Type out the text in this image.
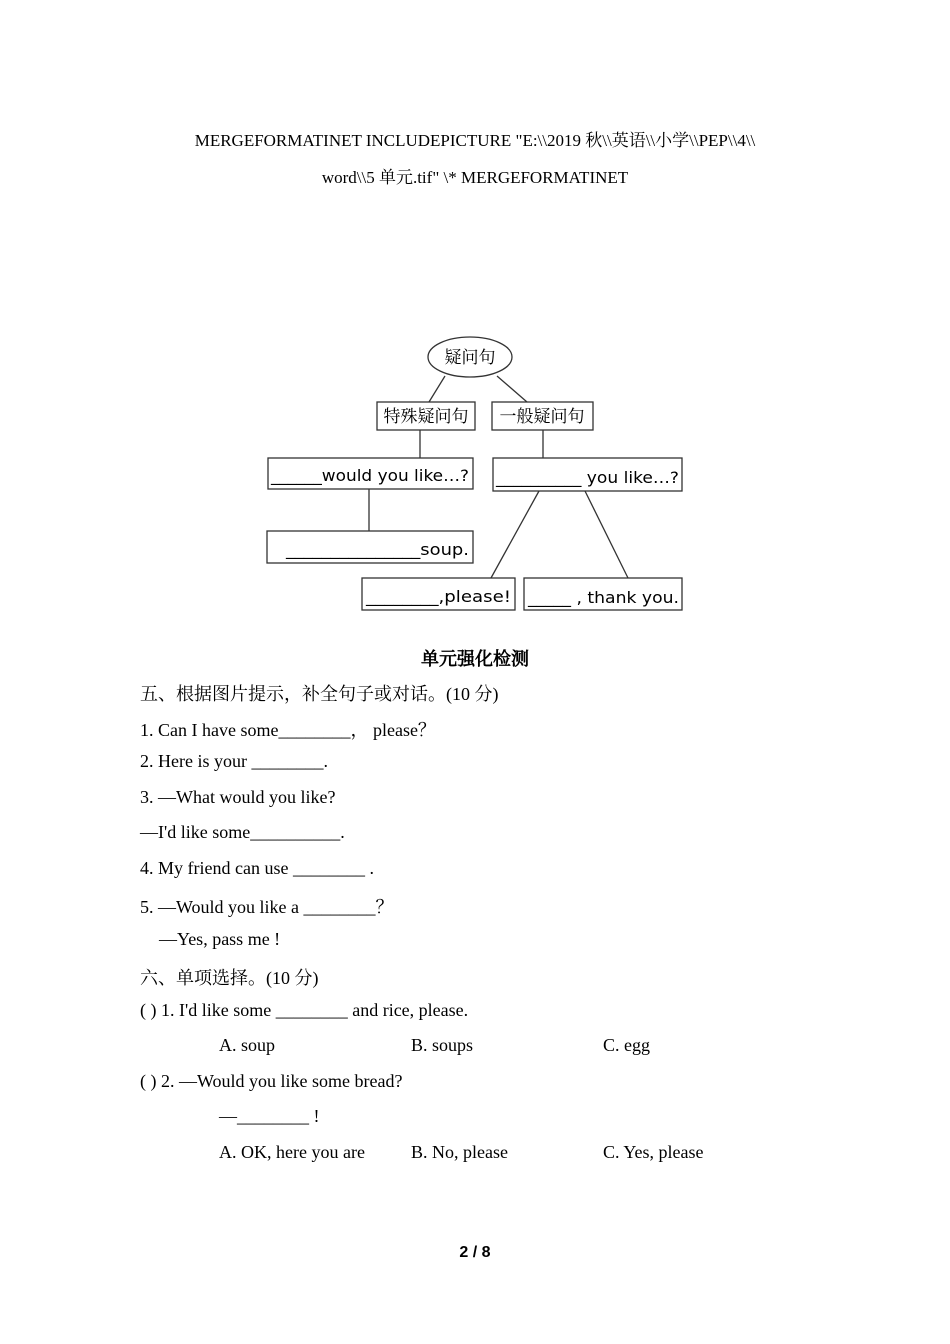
MERGEFORMATINET INCLUDEPICTURE "E:\\2019 秋\\英语\\小学\\PEP\\4\\
word\\5 单元.tif" \* MERGEFORMATINET
疑问句
特殊疑问句 一般疑问句
______would you like…?	__________ you like…?
_______________soup.
________,please!	_____ , thank you.
单元强化检测
五、根据图片提示，补全句子或对话。(10 分)
1. Can I have some________， please？
2. Here is your ________.
3. —What would you like?
—I'd like some__________.
4. My friend can use ________ .
5. —Would you like a ________？
—Yes, pass me !
六、单项选择。(10 分)
( ) 1. I'd like some ________ and rice, please.
A. soup	B. soups	C. egg
( ) 2. —Would you like some bread?
—________ !
A. OK, here you are	B. No, please	C. Yes, please
2 / 8
